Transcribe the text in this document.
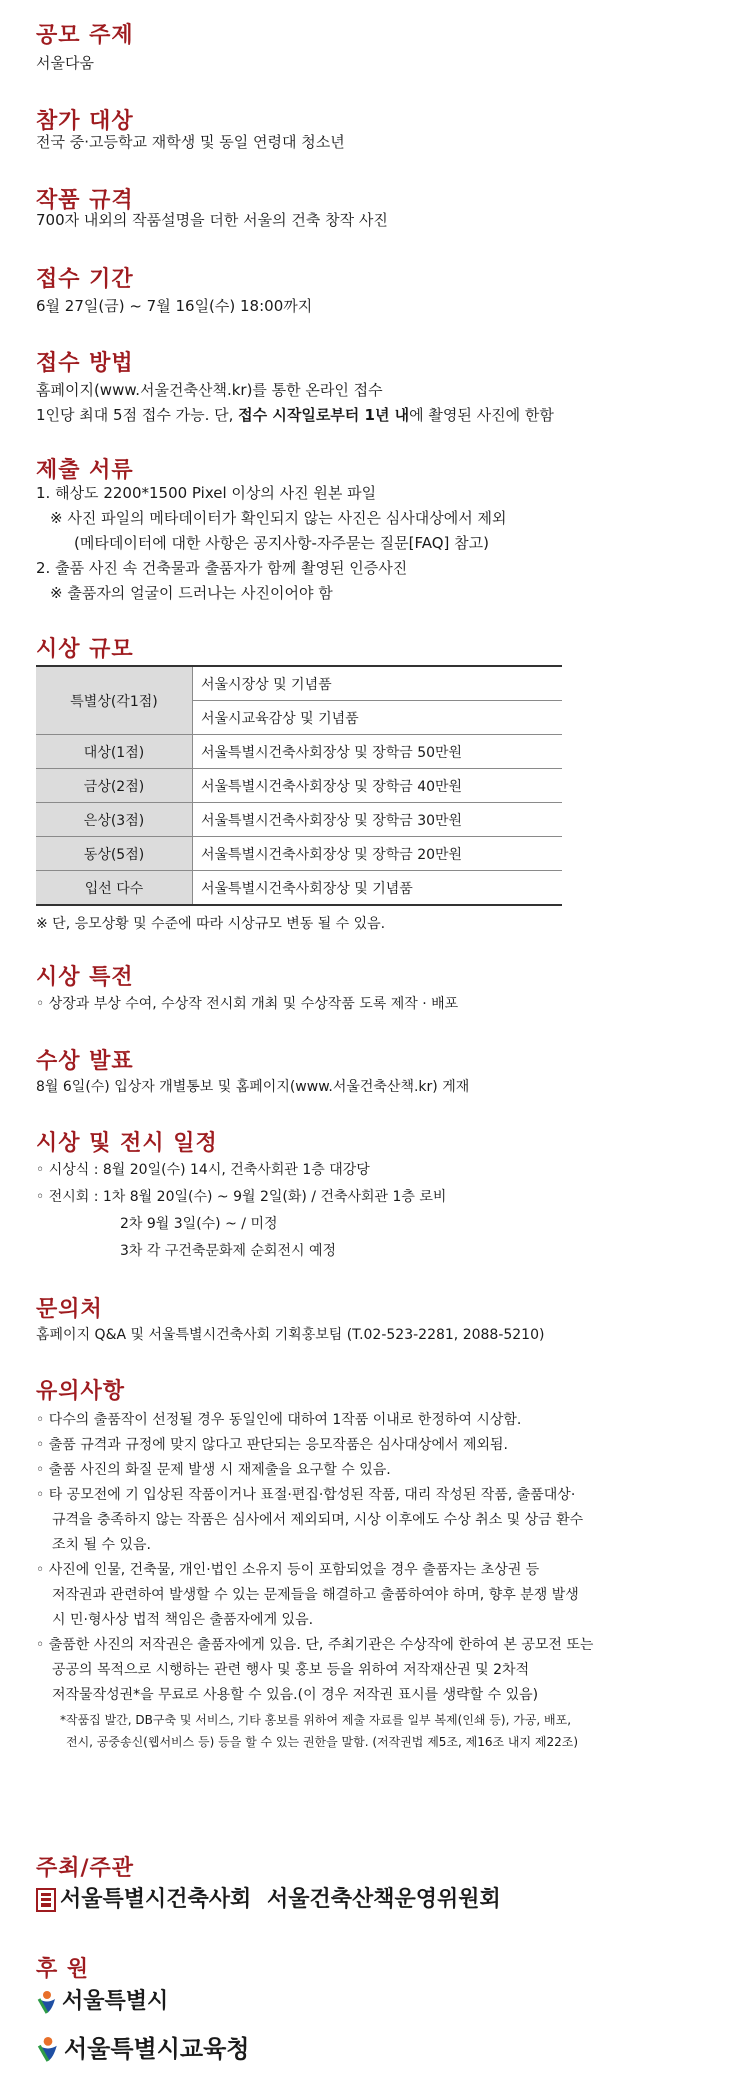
공모 주제
서울다움
참가 대상
전국 중·고등학교 재학생 및 동일 연령대 청소년
작품 규격
700자 내외의 작품설명을 더한 서울의 건축 창작 사진
접수 기간
6월 27일(금) ~ 7월 16일(수) 18:00까지
접수 방법
홈페이지(www.서울건축산책.kr)를 통한 온라인 접수
1인당 최대 5점 접수 가능. 단, 접수 시작일로부터 1년 내에 촬영된 사진에 한함
제출 서류
1. 해상도 2200*1500 Pixel 이상의 사진 원본 파일
※ 사진 파일의 메타데이터가 확인되지 않는 사진은 심사대상에서 제외
(메타데이터에 대한 사항은 공지사항-자주묻는 질문[FAQ] 참고)
2. 출품 사진 속 건축물과 출품자가 함께 촬영된 인증사진
※ 출품자의 얼굴이 드러나는 사진이어야 함
시상 규모
특별상(각1점)	서울시장상 및 기념품
	서울시교육감상 및 기념품
대상(1점)	서울특별시건축사회장상 및 장학금 50만원
금상(2점)	서울특별시건축사회장상 및 장학금 40만원
은상(3점)	서울특별시건축사회장상 및 장학금 30만원
동상(5점)	서울특별시건축사회장상 및 장학금 20만원
입선 다수	서울특별시건축사회장상 및 기념품
※ 단, 응모상황 및 수준에 따라 시상규모 변동 될 수 있음.
시상 특전
◦ 상장과 부상 수여, 수상작 전시회 개최 및 수상작품 도록 제작 · 배포
수상 발표
8월 6일(수) 입상자 개별통보 및 홈페이지(www.서울건축산책.kr) 게재
시상 및 전시 일정
◦ 시상식 : 8월 20일(수) 14시, 건축사회관 1층 대강당
◦ 전시회 : 1차 8월 20일(수) ~ 9월 2일(화) / 건축사회관 1층 로비
2차 9월 3일(수) ~ / 미정
3차 각 구건축문화제 순회전시 예정
문의처
홈페이지 Q&A 및 서울특별시건축사회 기획홍보팀 (T.02-523-2281, 2088-5210)
유의사항
◦ 다수의 출품작이 선정될 경우 동일인에 대하여 1작품 이내로 한정하여 시상함.
◦ 출품 규격과 규정에 맞지 않다고 판단되는 응모작품은 심사대상에서 제외됨.
◦ 출품 사진의 화질 문제 발생 시 재제출을 요구할 수 있음.
◦ 타 공모전에 기 입상된 작품이거나 표절·편집·합성된 작품, 대리 작성된 작품, 출품대상·
규격을 충족하지 않는 작품은 심사에서 제외되며, 시상 이후에도 수상 취소 및 상금 환수
조치 될 수 있음.
◦ 사진에 인물, 건축물, 개인·법인 소유지 등이 포함되었을 경우 출품자는 초상권 등
저작권과 관련하여 발생할 수 있는 문제들을 해결하고 출품하여야 하며, 향후 분쟁 발생
시 민·형사상 법적 책임은 출품자에게 있음.
◦ 출품한 사진의 저작권은 출품자에게 있음. 단, 주최기관은 수상작에 한하여 본 공모전 또는
공공의 목적으로 시행하는 관련 행사 및 홍보 등을 위하여 저작재산권 및 2차적
저작물작성권*을 무료로 사용할 수 있음.(이 경우 저작권 표시를 생략할 수 있음)
*작품집 발간, DB구축 및 서비스, 기타 홍보를 위하여 제출 자료를 일부 복제(인쇄 등), 가공, 배포,
전시, 공중송신(웹서비스 등) 등을 할 수 있는 권한을 말함. (저작권법 제5조, 제16조 내지 제22조)
주최/주관
서울특별시건축사회 서울건축산책운영위원회
후 원
서울특별시
서울특별시교육청
